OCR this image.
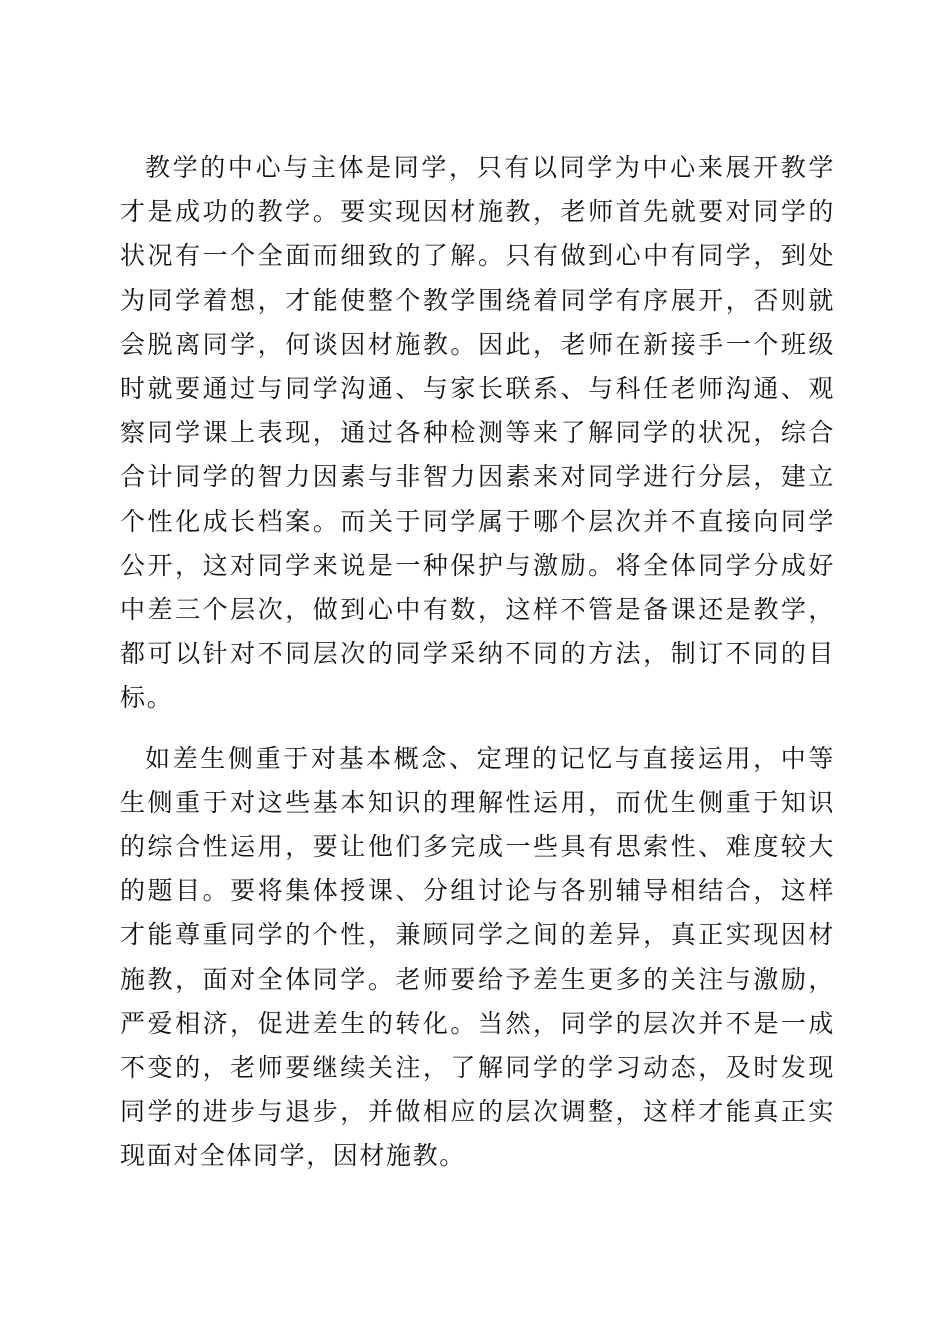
教学的中心与主体是同学，只有以同学为中心来展开教学才是成功的教学。要实现因材施教，老师首先就要对同学的状况有一个全面而细致的了解。只有做到心中有同学，到处为同学着想，才能使整个教学围绕着同学有序展开，否则就会脱离同学，何谈因材施教。因此，老师在新接手一个班级时就要通过与同学沟通、与家长联系、与科任老师沟通、观察同学课上表现，通过各种检测等来了解同学的状况，综合合计同学的智力因素与非智力因素来对同学进行分层，建立个性化成长档案。而关于同学属于哪个层次并不直接向同学公开，这对同学来说是一种保护与激励。将全体同学分成好中差三个层次，做到心中有数，这样不管是备课还是教学，都可以针对不同层次的同学采纳不同的方法，制订不同的目标。

如差生侧重于对基本概念、定理的记忆与直接运用，中等生侧重于对这些基本知识的理解性运用，而优生侧重于知识的综合性运用，要让他们多完成一些具有思索性、难度较大的题目。要将集体授课、分组讨论与各别辅导相结合，这样才能尊重同学的个性，兼顾同学之间的差异，真正实现因材施教，面对全体同学。老师要给予差生更多的关注与激励，严爱相济，促进差生的转化。当然，同学的层次并不是一成不变的，老师要继续关注，了解同学的学习动态，及时发现同学的进步与退步，并做相应的层次调整，这样才能真正实现面对全体同学，因材施教。
